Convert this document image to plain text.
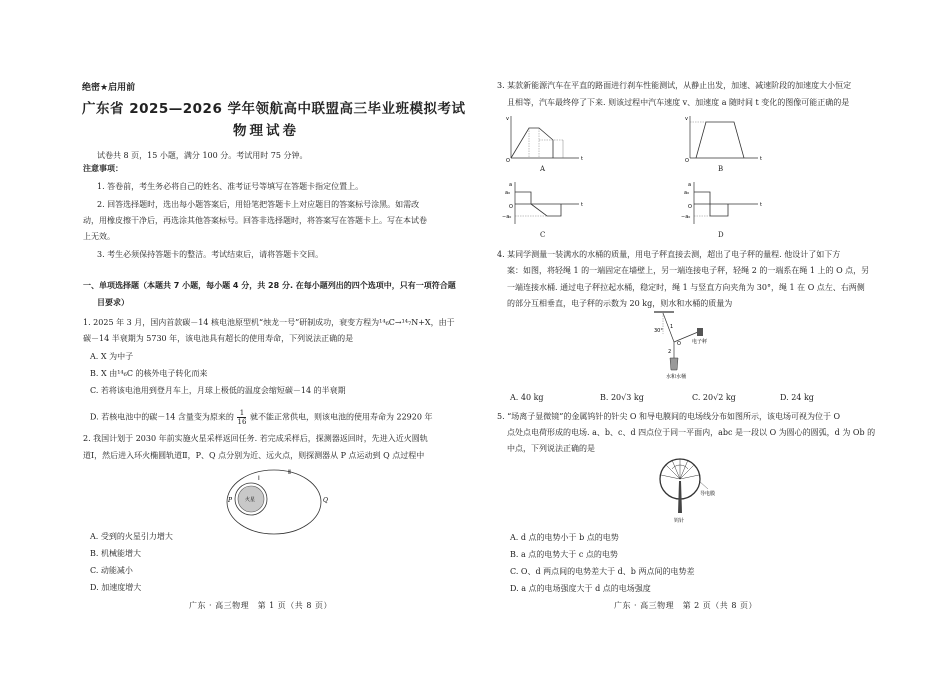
绝密★启用前
广东省 2025—2026 学年领航高中联盟高三毕业班模拟考试
物理试卷
试卷共 8 页，15 小题，满分 100 分。考试用时 75 分钟。
注意事项：
1. 答卷前，考生务必将自己的姓名、准考证号等填写在答题卡指定位置上。
2. 回答选择题时，选出每小题答案后，用铅笔把答题卡上对应题目的答案标号涂黑。如需改
动，用橡皮擦干净后，再选涂其他答案标号。回答非选择题时，将答案写在答题卡上。写在本试卷
上无效。
3. 考生必须保持答题卡的整洁。考试结束后，请将答题卡交回。
一、单项选择题（本题共 7 小题，每小题 4 分，共 28 分. 在每小题列出的四个选项中，只有一项符合题
目要求）
1. 2025 年 3 月，国内首款碳－14 核电池原型机“烛龙一号”研制成功，衰变方程为¹⁴₆C→¹⁴₇N+X，由于
碳－14 半衰期为 5730 年，该电池具有超长的使用寿命，下列说法正确的是
A. X 为中子
B. X 由¹⁴₆C 的核外电子转化而来
C. 若将该电池用到登月车上，月球上极低的温度会缩短碳－14 的半衰期
D. 若核电池中的碳－14 含量变为原来的 $\frac{1}{16}$ 就不能正常供电，则该电池的使用寿命为 22920 年
2. 我国计划于 2030 年前实施火星采样返回任务. 若完成采样后，探测器返回时，先进入近火圆轨
道Ⅰ，然后进入环火椭圆轨道Ⅱ，P、Q 点分别为近、远火点，则探测器从 P 点运动到 Q 点过程中
火星
Ⅰ
Ⅱ
P	Q
A. 受到的火星引力增大
B. 机械能增大
C. 动能减小
D. 加速度增大
广东 · 高三物理　第 1 页（共 8 页）
3. 某款新能源汽车在平直的路面进行刹车性能测试，从静止出发，加速、减速阶段的加速度大小恒定
且相等，汽车最终停了下来. 则该过程中汽车速度 v、加速度 a 随时间 t 变化的图像可能正确的是
v
t
O
A
v
t
O
B
a
t
a₀
−a₀
O
C
a
t
a₀
−a₀
O
D
4. 某同学测量一装满水的水桶的质量，用电子秤直接去测，超出了电子秤的量程. 他设计了如下方
案：如图，将轻绳 1 的一端固定在墙壁上，另一端连接电子秤，轻绳 2 的一端系在绳 1 上的 O 点，另
一端连接水桶. 通过电子秤拉起水桶，稳定时，绳 1 与竖直方向夹角为 30°，绳 1 在 O 点左、右两侧
的部分互相垂直，电子秤的示数为 20 kg，则水和水桶的质量为
30°
1
2
O 电子秤
水和水桶
A. 40 kg	B. 20√3 kg	C. 20√2 kg	D. 24 kg
5. “场离子显微镜”的金属钨针的针尖 O 和导电膜间的电场线分布如图所示，该电场可视为位于 O
点处点电荷形成的电场. a、b、c、d 四点位于同一平面内，abc 是一段以 O 为圆心的圆弧，d 为 Ob 的
中点，下列说法正确的是
导电膜
钨针
A. d 点的电势小于 b 点的电势
B. a 点的电势大于 c 点的电势
C. O、d 两点间的电势差大于 d、b 两点间的电势差
D. a 点的电场强度大于 d 点的电场强度
广东 · 高三物理　第 2 页（共 8 页）
